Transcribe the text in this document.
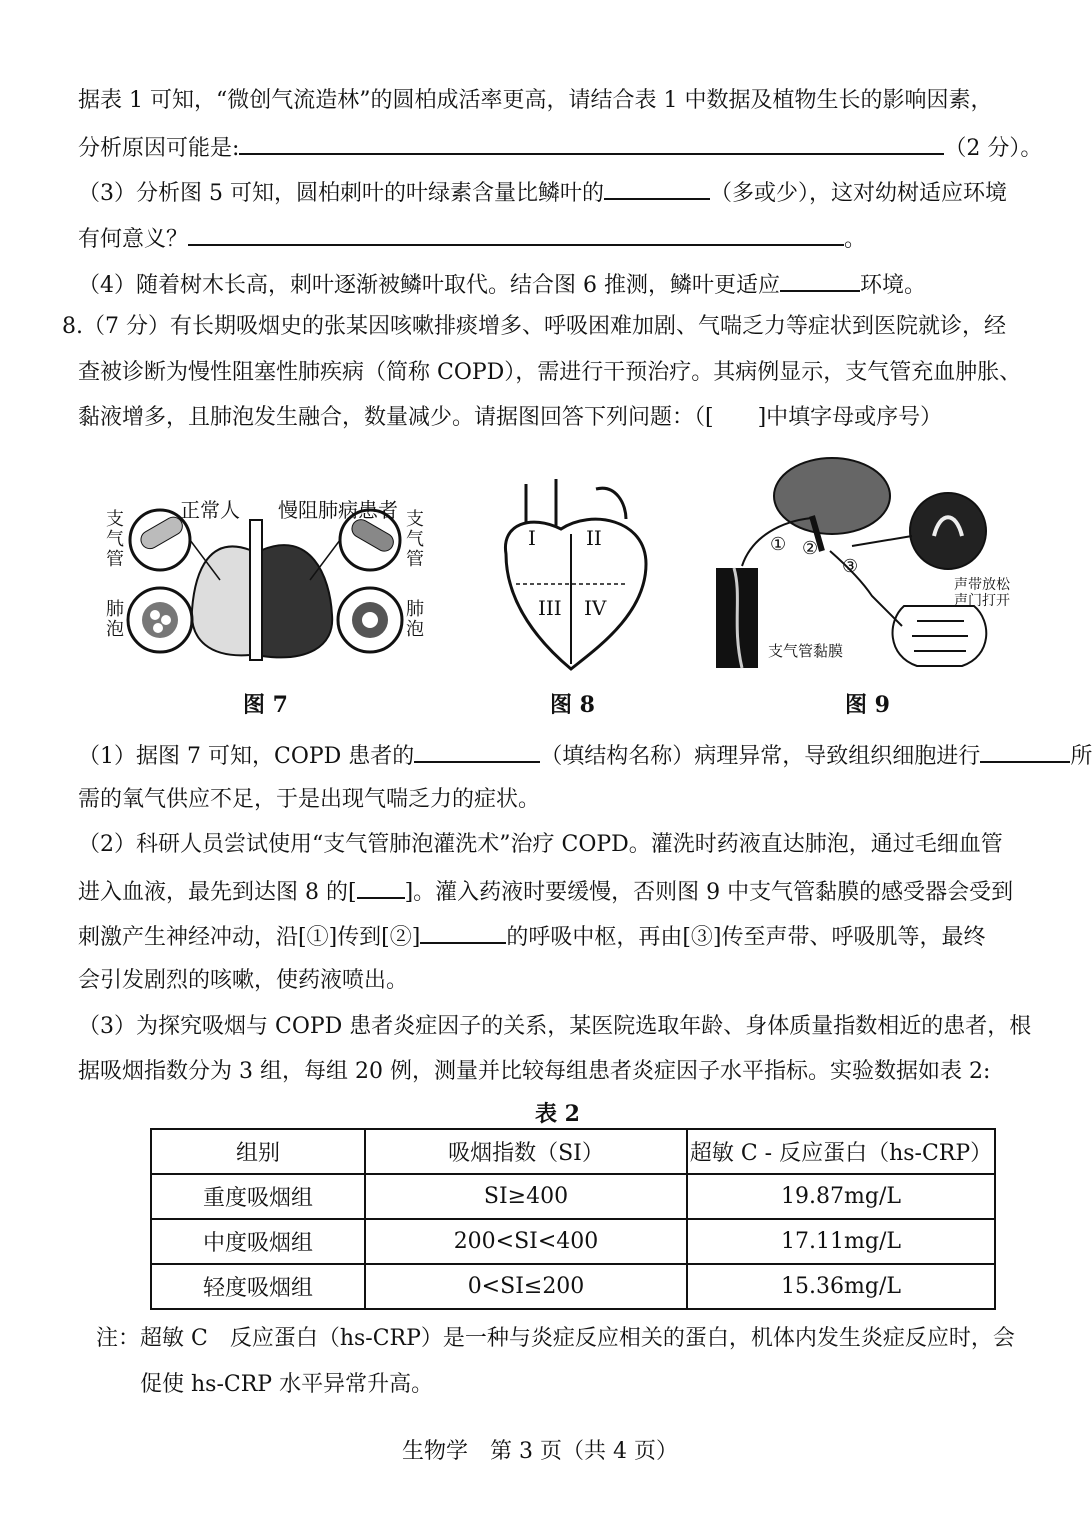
据表 1 可知，“微创气流造林”的圆柏成活率更高，请结合表 1 中数据及植物生长的影响因素，
分析原因可能是:	（2 分）。
（3）分析图 5 可知，圆柏刺叶的叶绿素含量比鳞叶的	（多或少），这对幼树适应环境
有何意义？	。
（4）随着树木长高，刺叶逐渐被鳞叶取代。结合图 6 推测，鳞叶更适应	环境。
8.（7 分）有长期吸烟史的张某因咳嗽排痰增多、呼吸困难加剧、气喘乏力等症状到医院就诊，经
查被诊断为慢性阻塞性肺疾病（简称 COPD），需进行干预治疗。其病例显示，支气管充血肿胀、
黏液增多，且肺泡发生融合，数量减少。请据图回答下列问题：（[　　]中填字母或序号）
正常人 慢阻肺病患者
支气管
肺泡
支气管
肺泡
图 7
I	II
III IV
图 8
① ②
③
声带放松
声门打开
支气管黏膜
图 9
（1）据图 7 可知，COPD 患者的	（填结构名称）病理异常，导致组织细胞进行	所
需的氧气供应不足，于是出现气喘乏力的症状。
（2）科研人员尝试使用“支气管肺泡灌洗术”治疗 COPD。灌洗时药液直达肺泡，通过毛细血管
进入血液，最先到达图 8 的[ ]。灌入药液时要缓慢，否则图 9 中支气管黏膜的感受器会受到
刺激产生神经冲动，沿[①]传到[②]	的呼吸中枢，再由[③]传至声带、呼吸肌等，最终
会引发剧烈的咳嗽，使药液喷出。
（3）为探究吸烟与 COPD 患者炎症因子的关系，某医院选取年龄、身体质量指数相近的患者，根
据吸烟指数分为 3 组，每组 20 例，测量并比较每组患者炎症因子水平指标。实验数据如表 2:
表 2
组别	吸烟指数（SI）	超敏 C - 反应蛋白（hs-CRP）
重度吸烟组	SI≥400	19.87mg/L
中度吸烟组	200<SI<400	17.11mg/L
轻度吸烟组	0<SI≤200	15.36mg/L
注：超敏 C　反应蛋白（hs-CRP）是一种与炎症反应相关的蛋白，机体内发生炎症反应时，会
促使 hs-CRP 水平异常升高。
生物学　第 3 页（共 4 页）
